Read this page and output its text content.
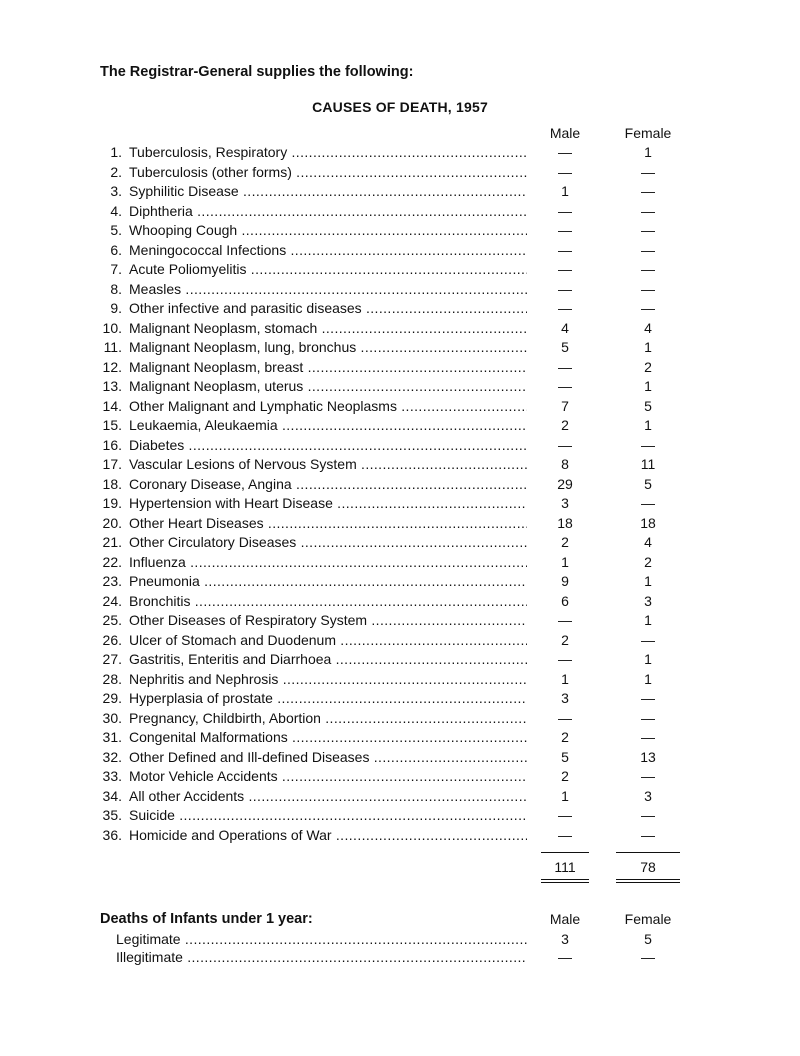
The Registrar-General supplies the following:
CAUSES OF DEATH, 1957
Male	Female
1. Tuberculosis, Respiratory .....	—	1
2. Tuberculosis (other forms) .....	—	—
3. Syphilitic Disease .....	1	—
4. Diphtheria .....	—	—
5. Whooping Cough .....	—	—
6. Meningococcal Infections .....	—	—
7. Acute Poliomyelitis .....	—	—
8. Measles .....	—	—
9. Other infective and parasitic diseases .....	—	—
10. Malignant Neoplasm, stomach .....	4	4
11. Malignant Neoplasm, lung, bronchus .....	5	1
12. Malignant Neoplasm, breast .....	—	2
13. Malignant Neoplasm, uterus .....	—	1
14. Other Malignant and Lymphatic Neoplasms .....	7	5
15. Leukaemia, Aleukaemia .....	2	1
16. Diabetes .....	—	—
17. Vascular Lesions of Nervous System .....	8	11
18. Coronary Disease, Angina .....	29	5
19. Hypertension with Heart Disease .....	3	—
20. Other Heart Diseases .....	18	18
21. Other Circulatory Diseases .....	2	4
22. Influenza .....	1	2
23. Pneumonia .....	9	1
24. Bronchitis .....	6	3
25. Other Diseases of Respiratory System .....	—	1
26. Ulcer of Stomach and Duodenum .....	2	—
27. Gastritis, Enteritis and Diarrhoea .....	—	1
28. Nephritis and Nephrosis .....	1	1
29. Hyperplasia of prostate .....	3	—
30. Pregnancy, Childbirth, Abortion .....	—	—
31. Congenital Malformations .....	2	—
32. Other Defined and Ill-defined Diseases .....	5	13
33. Motor Vehicle Accidents .....	2	—
34. All other Accidents .....	1	3
35. Suicide .....	—	—
36. Homicide and Operations of War .....	—	—
111	78
Deaths of Infants under 1 year:	Male	Female
Legitimate .....	3	5
Illegitimate .....	—	—
